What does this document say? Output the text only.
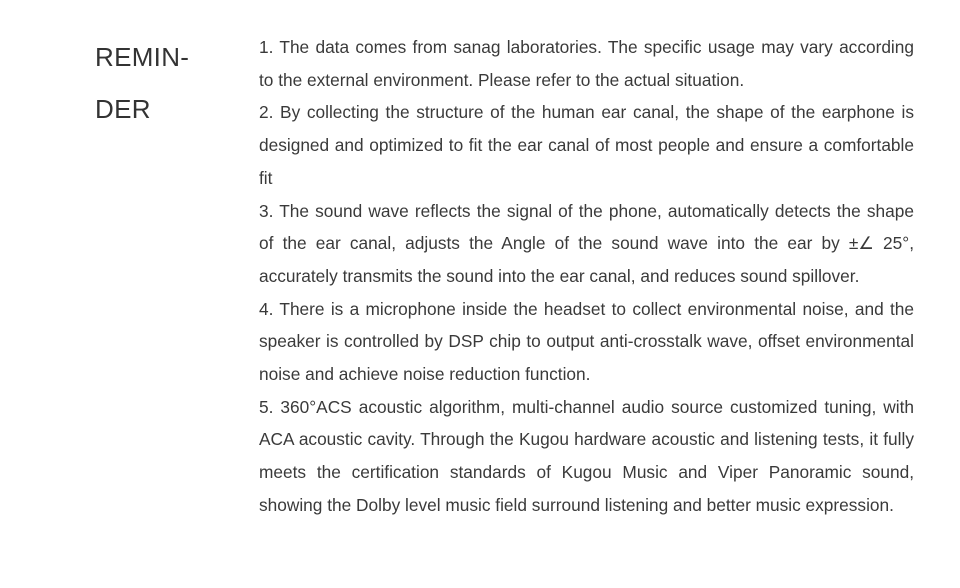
REMIN-
DER
1. The data comes from sanag laboratories. The specific usage may vary according to the external environment. Please refer to the actual situation.
2. By collecting the structure of the human ear canal, the shape of the earphone is designed and optimized to fit the ear canal of most people and ensure a comfortable fit
3. The sound wave reflects the signal of the phone, automatically detects the shape of the ear canal, adjusts the Angle of the sound wave into the ear by ±∠ 25°, accurately transmits the sound into the ear canal, and reduces sound spillover.
4. There is a microphone inside the headset to collect environmental noise, and the speaker is controlled by DSP chip to output anti-crosstalk wave, offset environmental noise and achieve noise reduction function.
5. 360°ACS acoustic algorithm, multi-channel audio source customized tuning, with ACA acoustic cavity. Through the Kugou hardware acoustic and listening tests, it fully meets the certification standards of Kugou Music and Viper Panoramic sound, showing the Dolby level music field surround listening and better music expression.
